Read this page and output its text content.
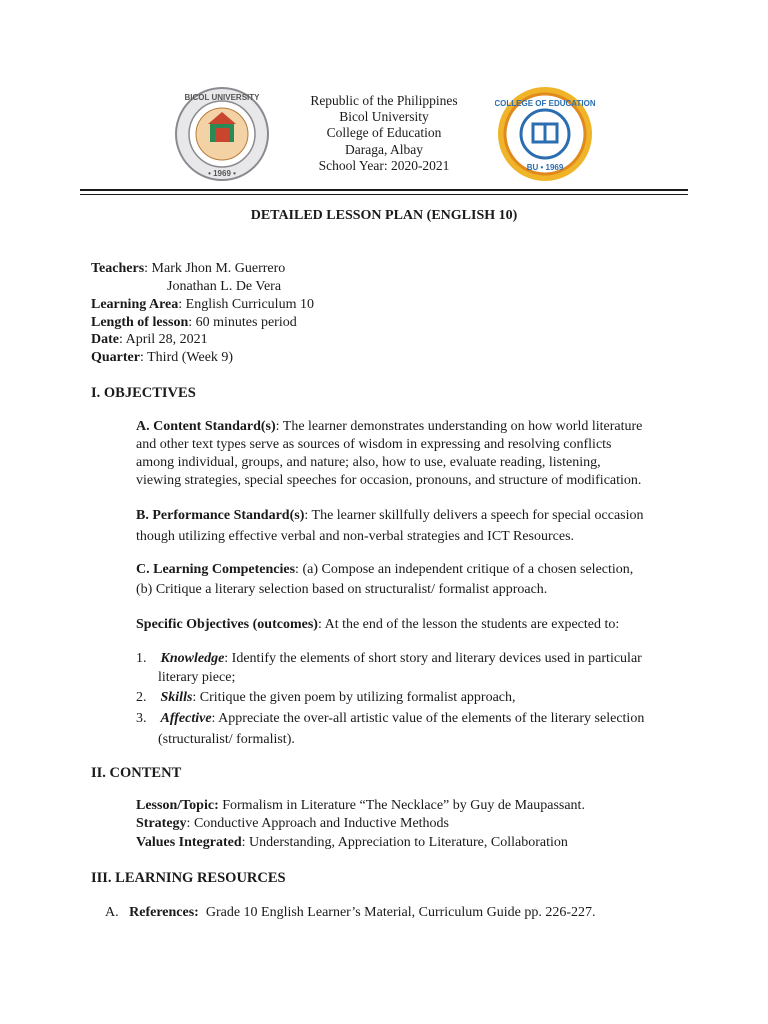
BICOL UNIVERSITY
• 1969 •
Republic of the Philippines
Bicol University
College of Education
Daraga, Albay
School Year: 2020-2021
COLLEGE OF EDUCATION
BU • 1969
DETAILED LESSON PLAN (ENGLISH 10)
Teachers: Mark Jhon M. Guerrero
Jonathan L. De Vera
Learning Area: English Curriculum 10
Length of lesson: 60 minutes period
Date: April 28, 2021
Quarter: Third (Week 9)
I. OBJECTIVES
A. Content Standard(s): The learner demonstrates understanding on how world literature
and other text types serve as sources of wisdom in expressing and resolving conflicts
among individual, groups, and nature; also, how to use, evaluate reading, listening,
viewing strategies, special speeches for occasion, pronouns, and structure of modification.
B. Performance Standard(s): The learner skillfully delivers a speech for special occasion
though utilizing effective verbal and non-verbal strategies and ICT Resources.
C. Learning Competencies: (a) Compose an independent critique of a chosen selection,
(b) Critique a literary selection based on structuralist/ formalist approach.
Specific Objectives (outcomes): At the end of the lesson the students are expected to:
1. Knowledge: Identify the elements of short story and literary devices used in particular
literary piece;
2. Skills: Critique the given poem by utilizing formalist approach,
3. Affective: Appreciate the over-all artistic value of the elements of the literary selection
(structuralist/ formalist).
II. CONTENT
Lesson/Topic: Formalism in Literature “The Necklace” by Guy de Maupassant.
Strategy: Conductive Approach and Inductive Methods
Values Integrated: Understanding, Appreciation to Literature, Collaboration
III. LEARNING RESOURCES
A. References: Grade 10 English Learner’s Material, Curriculum Guide pp. 226-227.
